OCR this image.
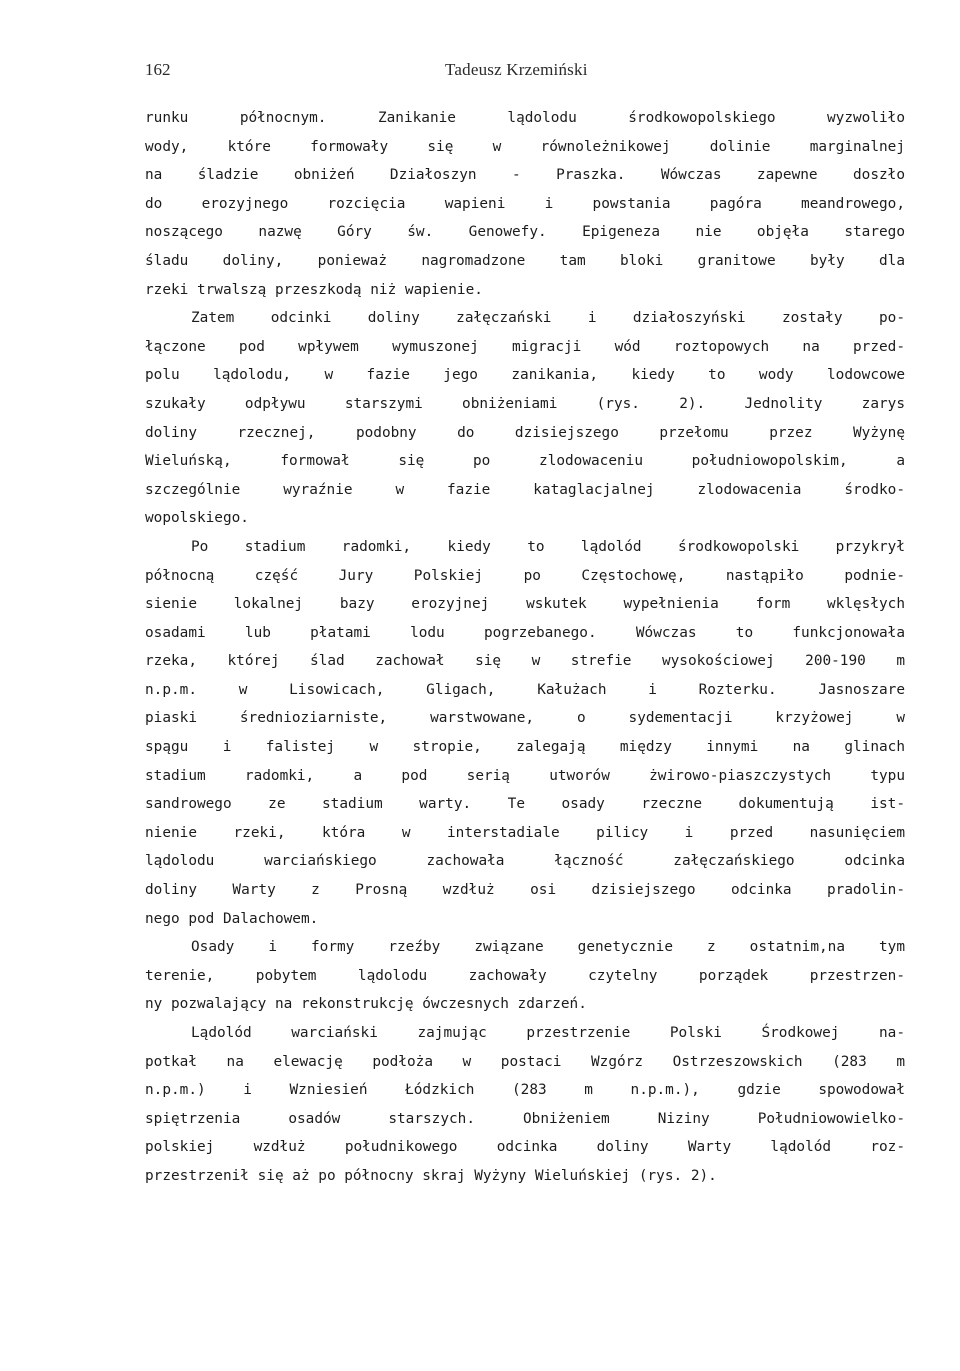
162	Tadeusz Krzemiński
runku północnym. Zanikanie lądolodu środkowopolskiego wyzwoliło
wody, które formowały się w równoleżnikowej dolinie marginalnej
na śladzie obniżeń Działoszyn - Praszka. Wówczas zapewne doszło
do erozyjnego rozcięcia wapieni i powstania pagóra meandrowego,
noszącego nazwę Góry św. Genowefy. Epigeneza nie objęła starego
śladu doliny, ponieważ nagromadzone tam bloki granitowe były dla
rzeki trwalszą przeszkodą niż wapienie.
Zatem odcinki doliny załęczański i działoszyński zostały po-
łączone pod wpływem wymuszonej migracji wód roztopowych na przed-
polu lądolodu, w fazie jego zanikania, kiedy to wody lodowcowe
szukały odpływu starszymi obniżeniami (rys. 2). Jednolity zarys
doliny rzecznej, podobny do dzisiejszego przełomu przez Wyżynę
Wieluńską, formował się po zlodowaceniu południowopolskim, a
szczególnie wyraźnie w fazie kataglacjalnej zlodowacenia środko-
wopolskiego.
Po stadium radomki, kiedy to lądolód środkowopolski przykrył
północną część Jury Polskiej po Częstochowę, nastąpiło podnie-
sienie lokalnej bazy erozyjnej wskutek wypełnienia form wklęsłych
osadami lub płatami lodu pogrzebanego. Wówczas to funkcjonowała
rzeka, której ślad zachował się w strefie wysokościowej 200-190 m
n.p.m. w Lisowicach, Gligach, Kałużach i Rozterku. Jasnoszare
piaski średnioziarniste, warstwowane, o sydementacji krzyżowej w
spągu i falistej w stropie, zalegają między innymi na glinach
stadium radomki, a pod serią utworów żwirowo-piaszczystych typu
sandrowego ze stadium warty. Te osady rzeczne dokumentują ist-
nienie rzeki, która w interstadiale pilicy i przed nasunięciem
lądolodu warciańskiego zachowała łączność załęczańskiego odcinka
doliny Warty z Prosną wzdłuż osi dzisiejszego odcinka pradolin-
nego pod Dalachowem.
Osady i formy rzeźby związane genetycznie z ostatnim,na tym
terenie, pobytem lądolodu zachowały czytelny porządek przestrzen-
ny pozwalający na rekonstrukcję ówczesnych zdarzeń.
Lądolód warciański zajmując przestrzenie Polski Środkowej na-
potkał na elewację podłoża w postaci Wzgórz Ostrzeszowskich (283 m
n.p.m.) i Wzniesień Łódzkich (283 m n.p.m.), gdzie spowodował
spiętrzenia osadów starszych. Obniżeniem Niziny Południowowielko-
polskiej wzdłuż południkowego odcinka doliny Warty lądolód roz-
przestrzenił się aż po północny skraj Wyżyny Wieluńskiej (rys. 2).
